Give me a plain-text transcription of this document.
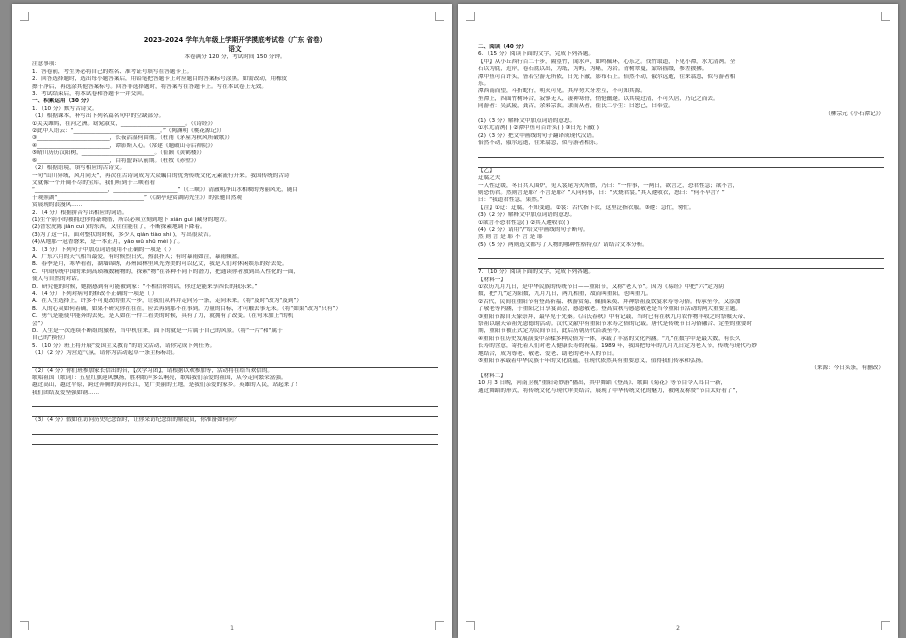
2023-2024 学年九年级上学期开学摸底考试卷（广东 省卷）
语文
本卷满分 120 分，考试时间 150 分钟。
注意事项：
1．答卷前，考生务必将自己的姓名、准考证号填写在答题卡上。
2．回答选择题时，选出每小题答案后，用铅笔把答题卡上对应题目的答案标号涂黑。如需改动，用橡皮
擦干净后，再选涂其他答案标号。回答非选择题时，将答案写在答题卡上。写在本试卷上无效。
3．考试结束后，将本试卷和答题卡一并交回。
一、积累运用（30 分）
1．（10 分）默写古诗文。
（1）根据课本，补写出下列名篇名句中的空缺部分。
①关关雎鸠，在河之洲。窈窕淑女，_______________________。（《诗经》）
②此中人语云：“_______________________________。”（陶渊明《桃花源记》）
③__________________________，长夜沾湿何由彻。（杜甫《茅屋为秋风所破歌》）
④__________________________，谭影斯人心。（常建《题破山寺后禅院》）
⑤晴川历历汉阳树，__________________________。（崔颢《黄鹤楼》）
⑥__________________________，白将盟诉认前期。（杜牧《赤壁》）
（2）根据语境，填写相应的古诗文。
一句“山川异域，风月同天”，再次在古诗词成为大众瞩目的优秀传统文化元素流行开来。我国传统的古诗
文就像一个开阔不尽的宝库，我们听到于三峡看看
“__________________________，_______________________”（《三峡》）清澈明净山水相映的秀丽风光，随目
于观照湖“_______________________________”（《湖亭迎赏湖阴先生》）的张驰自然观
赏展现的浪漫风……
2．（4 分）根据拼音写出相应的词语。
(1)生个别小的被拥过你得豪晓厝，所以必须立刻到地下 xián guì )藏身的地方。
(2)晋宏虎陈 jiǎn cuì )的东西，又往往能在了，不断探素地调下降着。
(3)为了这一目，面对整状的时候，多少人 qián tiào shi )，写出很众吉。
(4)从地那一冠香磬来，是一本正月，yǎo wǔ shū mèi )了。
3．（3 分）下列句子中加点词语使用不正确的一项是（ ）
A．广东六月的天气相当最爱，有时候烈日火，热浪扑人；有时暴雨如注，暴雨倾盆。
B．春季是月，寒华看看，湖墙锦绣，苏州园林里风光秀美的可以亿丈，我是人们对休闲娱乐的好去处。
C．中国传统中国的来到高琐城数精物的，探索“物”在各种不同下的潜力，把通读你者放到出人性化的一面，
使人与自然的对话。
D．研究他的时候，她据感到有可能被到家：“不相信你的话，你过是能来享四长的我乐来。”
4．（4 分）下列对病句的修改不正确的一项是（ ）
A．在人生选择上，许多不可更改的重大一步，让我们从科并走向另一条，走向未来。（将“及时”改为“及到”）
B．人的心灵如何着确，如果不研究你在在在，应去再到那不在事到。力量的目标，才可触去事无未。（将“如果”改为“只有”）
C．勇气是能使中能奔的去死，是人如在一件二看美的时候，具有了力，就拥有了改变。（在句末加上“的机
会”）
D．人生是一次连续不断组的旅程，当中机往来，面下的就是一片属于自己的风景。（将“一片”和“属于
自己的”换位）
5．（10 分）班上将开展“爱国主义教育”的语文活动，请你完成下列任务。
（1）（2 分）为营造气氛，请你为活动起草一条主标标语。
（2）（4 分）你们班参加家长信出的台，【次学习团】，请根据以欢参加等，活动将在给当欢信的。
歌唱祖国（歌词）：五星红旗迎风飘扬，胜利歌声多么响亮，歌唱我们亲爱的祖国，从今走向繁荣富强。
越过高山，越过平原，跨过奔腾的黄河长江，宽广美丽的土地，是我们亲爱的家乡。英雄的人民，站起来了！
我们团结友爱坚强如钢……
（3）（4 分）假如在访问历史纪念馆时，让你采访纪念馆的解说员，你准备如何问？
1
二、阅读（40 分）
6．（15 分）阅读下面的文字，完成下列各题。
【甲】从小丘西行百二十步，隔篁竹，闻水声，如鸣佩环，心乐之。伐竹取道，下见小潭，水尤清冽。全
石以为底，近岸，卷石底以出，为坻，为屿，为嵁，为岩。青树翠蔓，蒙络摇缀，参差披拂。
潭中鱼可百许头，皆若空游无所依，日光下澈，影布石上。佁然不动，俶尔远逝，往来翕忽，似与游者相
乐。
潭西南而望，斗折蛇行，明灭可见。其岸势犬牙差互，不可知其源。
坐潭上，四面竹树环合，寂寥无人，凄神寒骨，悄怆幽邃。以其境过清，不可久居，乃记之而去。
同游者：吴武陵，龚古，余弟宗玄。隶而从者，崔氏二小生：曰恕己，曰奉壹。
（柳宗元《小石潭记》）
(1)（3 分）解释文中加点词语的意思。
①水尤清冽( ) ②潭中鱼可百许头( ) ③日光下澈( )
(2)（3 分）把文中画线的句子翻译成现代汉语。
佁然不动，俶尔远逝，往来翕忽，似与游者相乐。
【乙】
迂腐之夫
一人性迂缓，冬日共人围炉，见人裳尾为火所燃，乃曰：“一件事，一两日，欲言之，恐君性急；欲不言，
则恐伤君。然则言是耶？不言是耶？”人问何事，曰：“火烧君裳。”其人遽收衣，怒曰：“何不早言？”
曰：“我道君性急，果然。”
【注】①迂：迂腐，不知变通。②裳：古代指下衣，这里泛指衣服。③遽：急忙，匆忙。
(3)（2 分）解释文中加点词语的意思。
①欲言不恐君性急( ) ②其人遽收衣( )
(4)（2 分）请用“/”给文中画线的句子断句。
然 则 言 是 耶 不 言 是 耶
(5)（5 分）两则选文都写了人物的哪种性格特点？请结合文本分析。
7．（10 分）阅读下面的文字，完成下列各题。
【材料一】
①农历九月九日，是中华民族的传统节日——重阳节，又称“老人节”。因为《易经》中把“六”定为阴
数，把“九”定为阳数，九月九日，两九相重，故而叫重阳，也叫重九。
②古代，民间在重阳节有登高祈福、秋游赏菊、佩插茱萸、拜神祭祖及饮宴求寿等习俗。传承至今，又添加
了敬老等内涵，于重阳之日享宴高会，感恩敬老。登高赏秋与感恩敬老是当今重阳节活动的两大重要主题。
③重阳节源自天象崇拜，最早见于先秦。《吕氏春秋》中有记载，当时已有在秋九月农作物丰收之时祭飨天帝、
祭祖以谢天帝祖先恩德的活动。汉代文献中有重阳节求寿之俗的记载。唐代是传统节日习俗融合、定型的重要时
期，重阳节被正式定为民间节日，此后历朝历代沿袭至今。
④重阳节在历史发展演变中杂糅多种民俗为一体，承载了丰富的文化内涵。“九”在数字中是最大数，有长久
长寿的含意，寄托着人们对老人健康长寿的祝福。1989 年，我国把每年的九月九日定为老人节，传统与现代巧妙
地结合，成为尊老、敬老、爱老、助老的老年人的节日。
⑤重阳节承载着中华民族千年的文化底蕴，在现代依然具有重要意义，值得我们传承和弘扬。
（来源：今日头条，有删改）
【材料二】
10 月 3 日晚，河南卫视“重阳奇妙游”播出，其中舞蹈《登高》、歌曲《菊花》等节目令人耳目一新，
通过舞蹈的形式，将传统文化与现代审美结合，展现了中华传统文化的魅力，被网友称赞“节目太好看了”，
2
